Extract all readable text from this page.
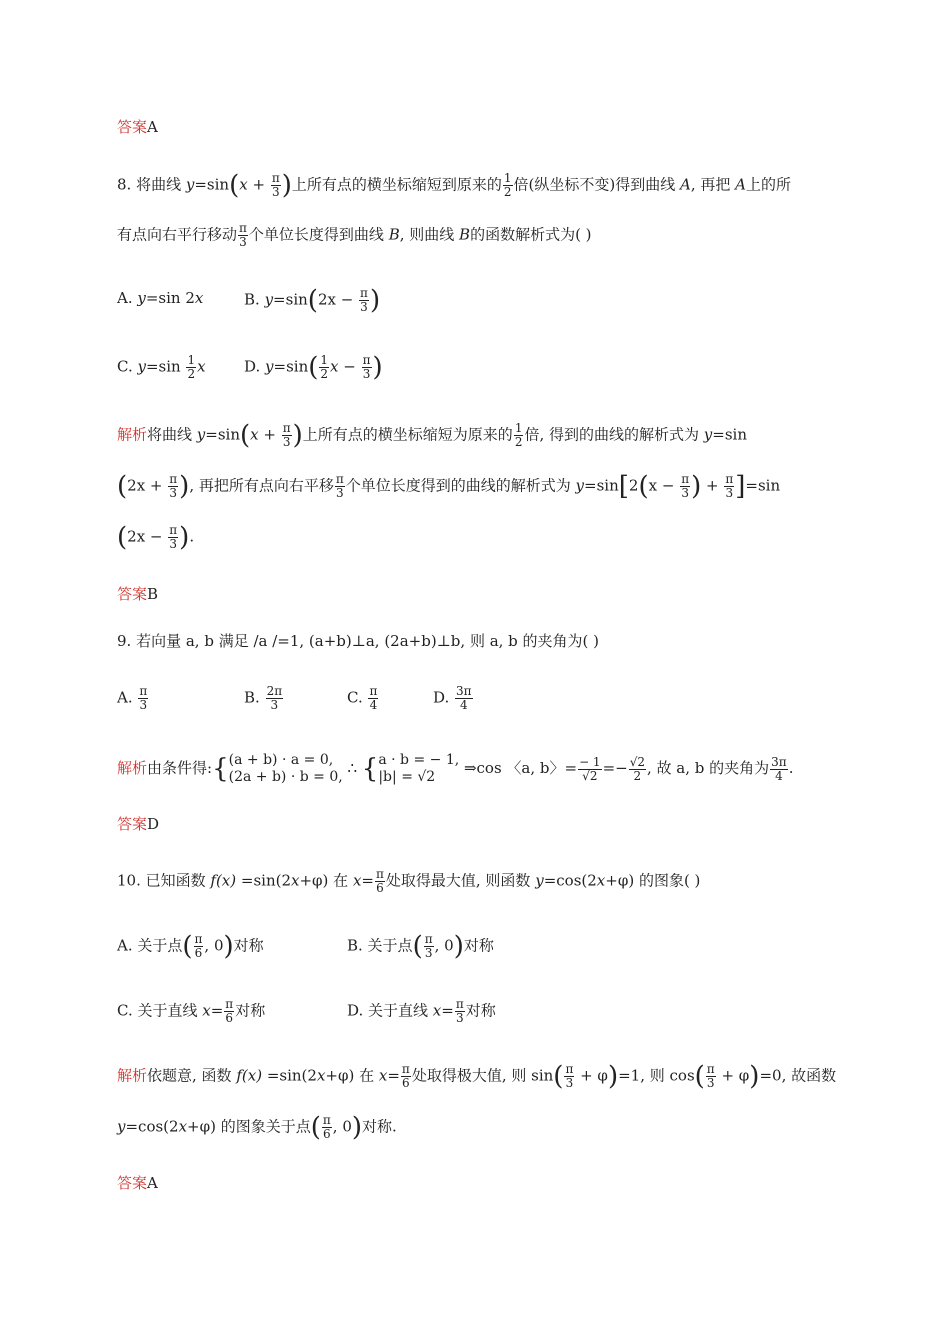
答案A
8. 将曲线 $y=\sin(x + \frac{\pi}{3}$ )上所有点的横坐标缩短到原来的 $\frac{1}{2}$ 倍(纵坐标不变)得到曲线 A, 再把 A上的所
有点向右平行移动 $\frac{\pi}{3}$ 个单位长度得到曲线 B, 则曲线 B的函数解析式为( )
A. y=sin 2x	B. $y=\sin(2x - \frac{\pi}{3}$ )
C. $y=\sin \frac{1}{2}$ x	D. $y=\sin( \frac{1}{2}$ $x - \frac{\pi}{3}$ )
解析将曲线 $y=\sin(x + \frac{\pi}{3}$ )上所有点的横坐标缩短为原来的 $\frac{1}{2}$ 倍, 得到的曲线的解析式为 y=sin
($2x + \frac{\pi}{3}$ ), 再把所有点向右平移 $\frac{\pi}{3}$ 个单位长度得到的曲线的解析式为 $y=\sin[2(x - \frac{\pi}{3}$ ) + $\frac{\pi}{3} ]=\sin$
($2x - \frac{\pi}{3}$ ).
答案B
9. 若向量 a, b 满足 /a /=1, (a+b)⊥a, (2a+b)⊥b, 则 a, b 的夹角为( )
A. $\frac{\pi}{3}$	B. $\frac{2\pi}{3}$	C. $\frac{\pi}{4}$	D. $\frac{3\pi}{4}$
解析由条件得:{ (a + b) · a = 0,
(2a + b) · b = 0, ∴ { a · b = − 1,
|b| = √2	⇒cos 〈a, b〉= $\frac{- 1}{√2} =- \frac{√2}{2}$ , 故 a, b 的夹角为 $\frac{3\pi}{4}$ .
答案D
10. 已知函数 f(x) =sin(2x+φ) 在 $x= \frac{\pi}{6}$ 处取得最大值, 则函数 y=cos(2x+φ) 的图象( )
A. 关于点( $\frac{\pi}{6}$ , 0)对称	B. 关于点( $\frac{\pi}{3}$ , 0)对称
C. 关于直线 $x= \frac{\pi}{6}$ 对称	D. 关于直线 $x= \frac{\pi}{3}$ 对称
解析依题意, 函数 f(x) =sin(2x+φ) 在 $x= \frac{\pi}{6}$ 处取得极大值, 则 $\sin( \frac{\pi}{3} + \varphi)=1$, 则 $\cos( \frac{\pi}{3} + \varphi)=0$, 故函数
y=cos(2x+φ) 的图象关于点( $\frac{\pi}{6}$ , 0)对称.
答案A
